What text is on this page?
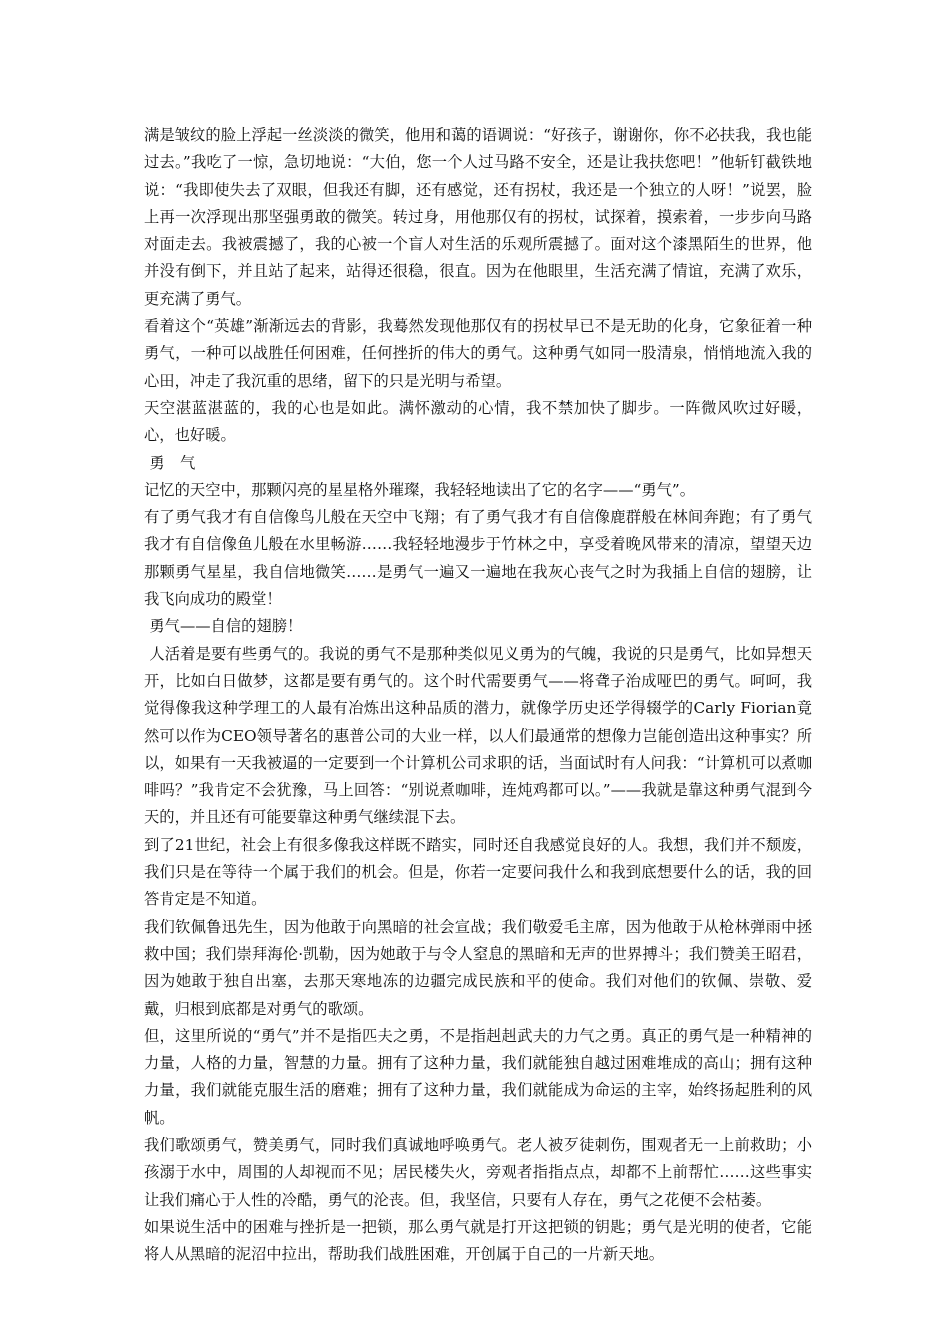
满是皱纹的脸上浮起一丝淡淡的微笑，他用和蔼的语调说：“好孩子，谢谢你，你不必扶我，我也能过去。”我吃了一惊，急切地说：“大伯，您一个人过马路不安全，还是让我扶您吧！”他斩钉截铁地说：“我即使失去了双眼，但我还有脚，还有感觉，还有拐杖，我还是一个独立的人呀！”说罢，脸上再一次浮现出那坚强勇敢的微笑。转过身，用他那仅有的拐杖，试探着，摸索着，一步步向马路对面走去。我被震撼了，我的心被一个盲人对生活的乐观所震撼了。面对这个漆黑陌生的世界，他并没有倒下，并且站了起来，站得还很稳，很直。因为在他眼里，生活充满了情谊，充满了欢乐，更充满了勇气。

看着这个“英雄”渐渐远去的背影，我蓦然发现他那仅有的拐杖早已不是无助的化身，它象征着一种勇气，一种可以战胜任何困难，任何挫折的伟大的勇气。这种勇气如同一股清泉，悄悄地流入我的心田，冲走了我沉重的思绪，留下的只是光明与希望。

天空湛蓝湛蓝的，我的心也是如此。满怀激动的心情，我不禁加快了脚步。一阵微风吹过好暖，心，也好暖。

勇　气

记忆的天空中，那颗闪亮的星星格外璀璨，我轻轻地读出了它的名字——“勇气”。

有了勇气我才有自信像鸟儿般在天空中飞翔；有了勇气我才有自信像鹿群般在林间奔跑；有了勇气我才有自信像鱼儿般在水里畅游……我轻轻地漫步于竹林之中，享受着晚风带来的清凉，望望天边那颗勇气星星，我自信地微笑……是勇气一遍又一遍地在我灰心丧气之时为我插上自信的翅膀，让我飞向成功的殿堂！

勇气——自信的翅膀！

人活着是要有些勇气的。我说的勇气不是那种类似见义勇为的气魄，我说的只是勇气，比如异想天开，比如白日做梦，这都是要有勇气的。这个时代需要勇气——将聋子治成哑巴的勇气。呵呵，我觉得像我这种学理工的人最有冶炼出这种品质的潜力，就像学历史还学得辍学的Carly Fiorian竟然可以作为CEO领导著名的惠普公司的大业一样，以人们最通常的想像力岂能创造出这种事实？所以，如果有一天我被逼的一定要到一个计算机公司求职的话，当面试时有人问我：“计算机可以煮咖啡吗？”我肯定不会犹豫，马上回答：“别说煮咖啡，连炖鸡都可以。”——我就是靠这种勇气混到今天的，并且还有可能要靠这种勇气继续混下去。

到了21世纪，社会上有很多像我这样既不踏实，同时还自我感觉良好的人。我想，我们并不颓废，我们只是在等待一个属于我们的机会。但是，你若一定要问我什么和我到底想要什么的话，我的回答肯定是不知道。

我们钦佩鲁迅先生，因为他敢于向黑暗的社会宣战；我们敬爱毛主席，因为他敢于从枪林弹雨中拯救中国；我们崇拜海伦·凯勒，因为她敢于与令人窒息的黑暗和无声的世界搏斗；我们赞美王昭君，因为她敢于独自出塞，去那天寒地冻的边疆完成民族和平的使命。我们对他们的钦佩、崇敬、爱戴，归根到底都是对勇气的歌颂。

但，这里所说的“勇气”并不是指匹夫之勇，不是指赳赳武夫的力气之勇。真正的勇气是一种精神的力量，人格的力量，智慧的力量。拥有了这种力量，我们就能独自越过困难堆成的高山；拥有这种力量，我们就能克服生活的磨难；拥有了这种力量，我们就能成为命运的主宰，始终扬起胜利的风帆。

我们歌颂勇气，赞美勇气，同时我们真诚地呼唤勇气。老人被歹徒刺伤，围观者无一上前救助；小孩溺于水中，周围的人却视而不见；居民楼失火，旁观者指指点点，却都不上前帮忙……这些事实让我们痛心于人性的冷酷，勇气的沦丧。但，我坚信，只要有人存在，勇气之花便不会枯萎。

如果说生活中的困难与挫折是一把锁，那么勇气就是打开这把锁的钥匙；勇气是光明的使者，它能将人从黑暗的泥沼中拉出，帮助我们战胜困难，开创属于自己的一片新天地。
